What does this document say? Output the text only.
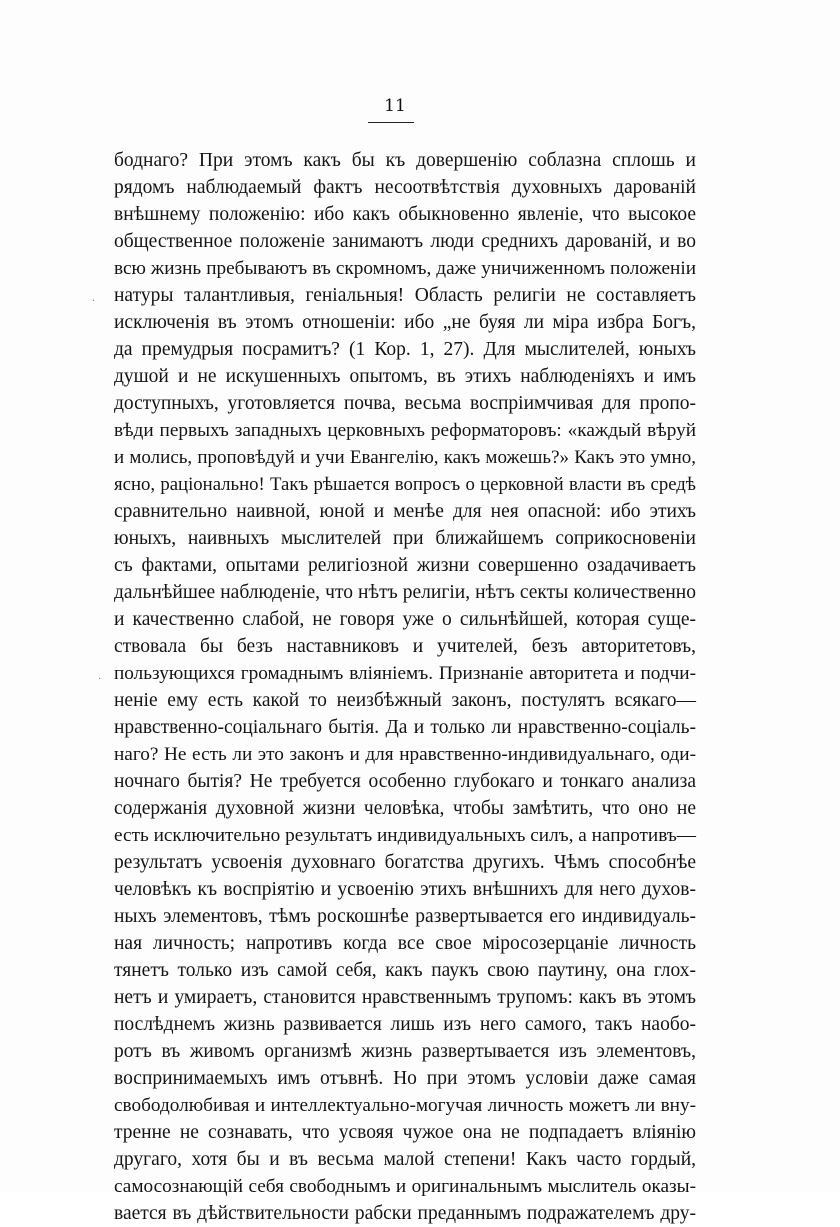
11
·
·
боднаго? При этомъ какъ бы къ довершенію соблазна сплошь и
рядомъ наблюдаемый фактъ несоотвѣтствія духовныхъ дарованій
внѣшнему положенію: ибо какъ обыкновенно явленіе, что высокое
общественное положеніе занимаютъ люди среднихъ дарованій, и во
всю жизнь пребываютъ въ скромномъ, даже уничиженномъ положеніи
натуры талантливыя, геніальныя! Область религіи не составляетъ
исключенія въ этомъ отношеніи: ибо „не буяя ли міра избра Богъ,
да премудрыя посрамитъ? (1 Кор. 1, 27). Для мыслителей, юныхъ
душой и не искушенныхъ опытомъ, въ этихъ наблюденіяхъ и имъ
доступныхъ, уготовляется почва, весьма воспріимчивая для пропо-
вѣди первыхъ западныхъ церковныхъ реформаторовъ: «каждый вѣруй
и молись, проповѣдуй и учи Евангелію, какъ можешь?» Какъ это умно,
ясно, раціонально! Такъ рѣшается вопросъ о церковной власти въ средѣ
сравнительно наивной, юной и менѣе для нея опасной: ибо этихъ
юныхъ, наивныхъ мыслителей при ближайшемъ соприкосновеніи
съ фактами, опытами религіозной жизни совершенно озадачиваетъ
дальнѣйшее наблюденіе, что нѣтъ религіи, нѣтъ секты количественно
и качественно слабой, не говоря уже о сильнѣйшей, которая суще-
ствовала бы безъ наставниковъ и учителей, безъ авторитетовъ,
пользующихся громаднымъ вліяніемъ. Признаніе авторитета и подчи-
неніе ему есть какой то неизбѣжный законъ, постулятъ всякаго—
нравственно-соціальнаго бытія. Да и только ли нравственно-соціаль-
наго? Не есть ли это законъ и для нравственно-индивидуальнаго, оди-
ночнаго бытія? Не требуется особенно глубокаго и тонкаго анализа
содержанія духовной жизни человѣка, чтобы замѣтить, что оно не
есть исключительно результатъ индивидуальныхъ силъ, а напротивъ—
результатъ усвоенія духовнаго богатства другихъ. Чѣмъ способнѣе
человѣкъ къ воспріятію и усвоенію этихъ внѣшнихъ для него духов-
ныхъ элементовъ, тѣмъ роскошнѣе развертывается его индивидуаль-
ная личность; напротивъ когда все свое міросозерцаніе личность
тянетъ только изъ самой себя, какъ паукъ свою паутину, она глох-
нетъ и умираетъ, становится нравственнымъ трупомъ: какъ въ этомъ
послѣднемъ жизнь развивается лишь изъ него самого, такъ наобо-
ротъ въ живомъ организмѣ жизнь развертывается изъ элементовъ,
воспринимаемыхъ имъ отъвнѣ. Но при этомъ условіи даже самая
свободолюбивая и интеллектуально-могучая личность можетъ ли вну-
тренне не сознавать, что усвояя чужое она не подпадаетъ вліянію
другаго, хотя бы и въ весьма малой степени! Какъ часто гордый,
самосознающій себя свободнымъ и оригинальнымъ мыслитель оказы-
вается въ дѣйствительности рабски преданнымъ подражателемъ дру-
